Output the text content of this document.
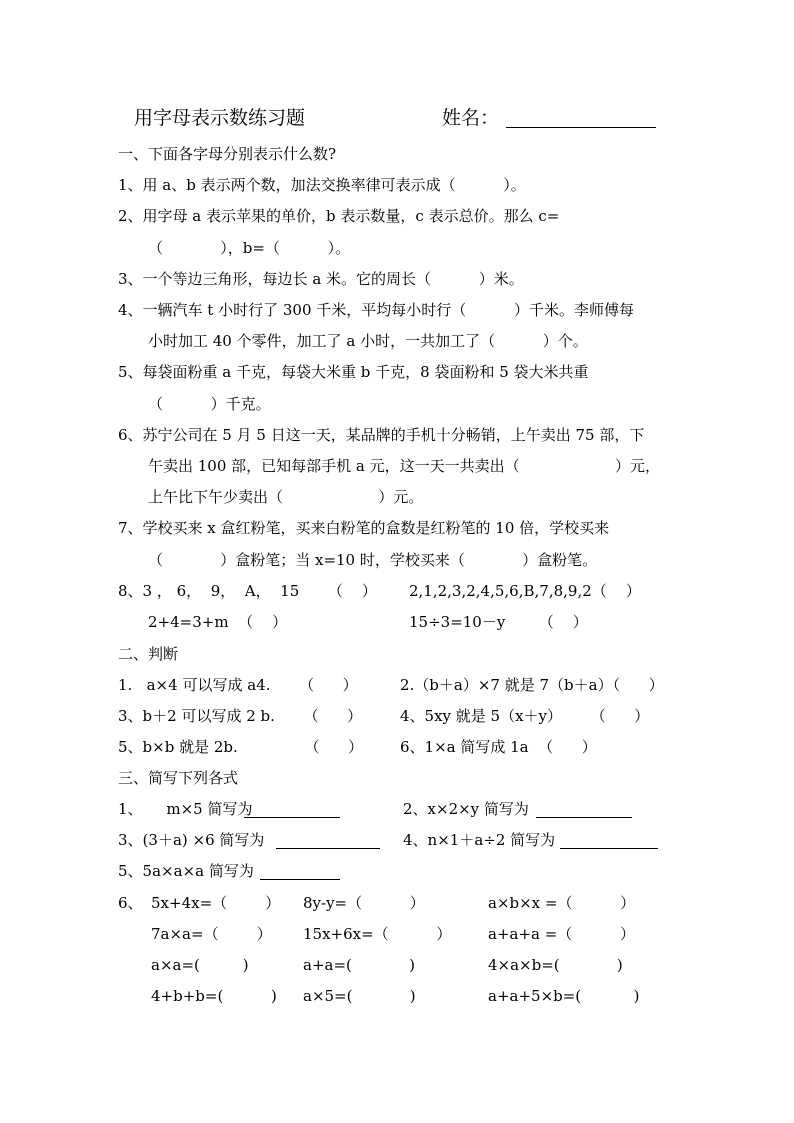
用字母表示数练习题	姓名：
一、下面各字母分别表示什么数?
1、用 a、b 表示两个数，加法交换率律可表示成（          ）。
2、用字母 a 表示苹果的单价，b 表示数量，c 表示总价。那么 c=
（            ），b=（          ）。
3、一个等边三角形，每边长 a 米。它的周长（          ）米。
4、一辆汽车 t 小时行了 300 千米，平均每小时行（          ）千米。李师傅每
小时加工 40 个零件，加工了 a 小时，一共加工了（          ）个。
5、每袋面粉重 a 千克，每袋大米重 b 千克，8 袋面粉和 5 袋大米共重
（          ）千克。
6、苏宁公司在 5 月 5 日这一天，某品牌的手机十分畅销，上午卖出 75 部，下
午卖出 100 部，已知每部手机 a 元，这一天一共卖出（                    ）元，
上午比下午少卖出（                    ）元。
7、学校买来 x 盒红粉笔，买来白粉笔的盒数是红粉笔的 10 倍，学校买来
（            ）盒粉笔；当 x=10 时，学校买来（            ）盒粉笔。
8、3 ， 6，  9，  A，  15      （    ） 2,1,2,3,2,4,5,6,B,7,8,9,2（    ）
2+4=3+m  （    ）	15÷3=10－y       （    ）
二、判断
1.   a×4 可以写成 a4.      （      ）	2.（b＋a）×7 就是 7（b＋a）（      ）
3、b＋2 可以写成 2 b.      （      ）	4、5xy 就是 5（x＋y）      （      ）
5、b×b 就是 2b.              （      ） 6、1×a 简写成 1a  （      ）
三、简写下列各式
1、     m×5 简写为	2、x×2×y 简写为
3、(3＋a) ×6 简写为	4、n×1＋a÷2 简写为
5、5a×a×a 简写为
6、 5x+4x=（        ） 8y-y=（          ）	a×b×x =（          ）
7a×a=（        ） 15x+6x=（          ） a+a+a =（          ）
a×a=(         )	a+a=(            )	4×a×b=(            )
4+b+b=(          ) a×5=(            )	a+a+5×b=(           )
